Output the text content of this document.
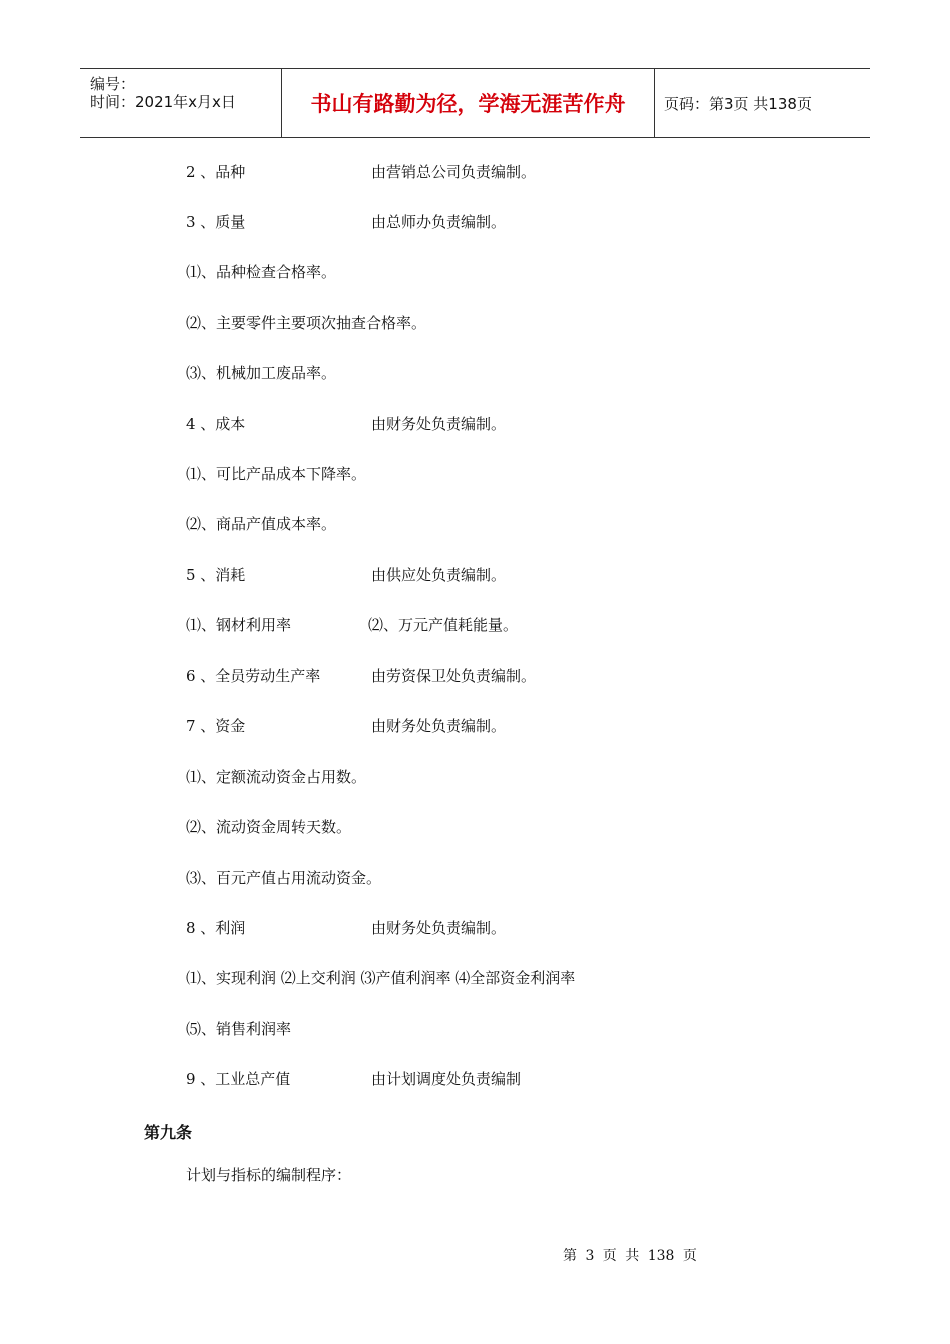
编号：
时间：2021年x月x日	书山有路勤为径，学海无涯苦作舟	页码：第3页 共138页
2 、品种	由营销总公司负责编制。
3 、质量	由总师办负责编制。
⑴、品种检查合格率。
⑵、主要零件主要项次抽查合格率。
⑶、机械加工废品率。
4 、成本	由财务处负责编制。
⑴、可比产品成本下降率。
⑵、商品产值成本率。
5 、消耗	由供应处负责编制。
⑴、钢材利用率	⑵、万元产值耗能量。
6 、全员劳动生产率	由劳资保卫处负责编制。
7 、资金	由财务处负责编制。
⑴、定额流动资金占用数。
⑵、流动资金周转天数。
⑶、百元产值占用流动资金。
8 、利润	由财务处负责编制。
⑴、实现利润 ⑵上交利润 ⑶产值利润率 ⑷全部资金利润率
⑸、销售利润率
9 、工业总产值	由计划调度处负责编制
第九条
计划与指标的编制程序：
第 3 页 共 138 页
